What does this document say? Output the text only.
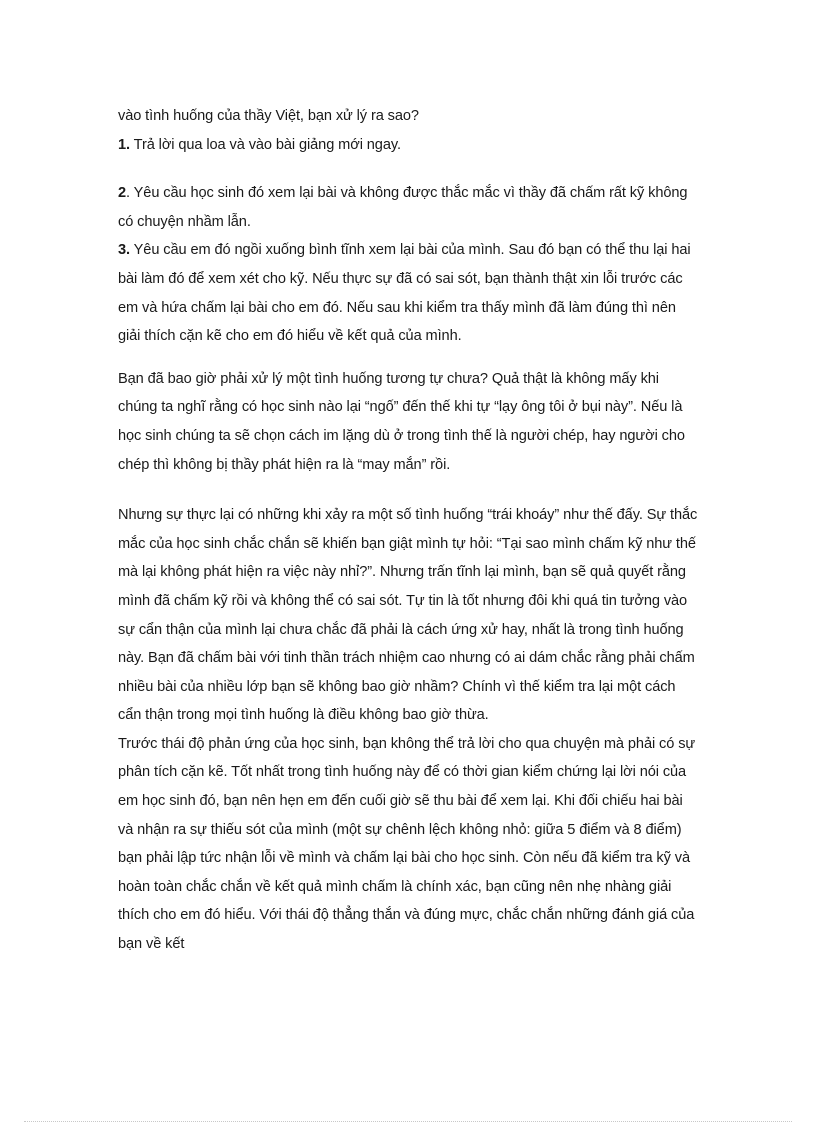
vào tình huống của thầy Việt, bạn xử lý ra sao?

1. Trả lời qua loa và vào bài giảng mới ngay.

2. Yêu cầu học sinh đó xem lại bài và không được thắc mắc vì thầy đã chấm rất kỹ không có chuyện nhầm lẫn.

3. Yêu cầu em đó ngồi xuống bình tĩnh xem lại bài của mình. Sau đó bạn có thể thu lại hai bài làm đó để xem xét cho kỹ. Nếu thực sự đã có sai sót, bạn thành thật xin lỗi trước các em và hứa chấm lại bài cho em đó. Nếu sau khi kiểm tra thấy mình đã làm đúng thì nên giải thích cặn kẽ cho em đó hiểu về kết quả của mình.

Bạn đã bao giờ phải xử lý một tình huống tương tự chưa? Quả thật là không mấy khi chúng ta nghĩ rằng có học sinh nào lại “ngố” đến thế khi tự “lạy ông tôi ở bụi này”. Nếu là học sinh chúng ta sẽ chọn cách im lặng dù ở trong tình thế là người chép, hay người cho chép thì không bị thầy phát hiện ra là “may mắn” rồi.

Nhưng sự thực lại có những khi xảy ra một số tình huống “trái khoáy” như thế đấy. Sự thắc mắc của học sinh chắc chắn sẽ khiến bạn giật mình tự hỏi: “Tại sao mình chấm kỹ như thế mà lại không phát hiện ra việc này nhỉ?”. Nhưng trấn tĩnh lại mình, bạn sẽ quả quyết rằng mình đã chấm kỹ rồi và không thể có sai sót. Tự tin là tốt nhưng đôi khi quá tin tưởng vào sự cẩn thận của mình lại chưa chắc đã phải là cách ứng xử hay, nhất là trong tình huống này. Bạn đã chấm bài với tinh thần trách nhiệm cao nhưng có ai dám chắc rằng phải chấm nhiều bài của nhiều lớp bạn sẽ không bao giờ nhầm? Chính vì thế kiểm tra lại một cách cẩn thận trong mọi tình huống là điều không bao giờ thừa.

Trước thái độ phản ứng của học sinh, bạn không thể trả lời cho qua chuyện mà phải có sự phân tích cặn kẽ. Tốt nhất trong tình huống này để có thời gian kiểm chứng lại lời nói của em học sinh đó, bạn nên hẹn em đến cuối giờ sẽ thu bài để xem lại. Khi đối chiếu hai bài và nhận ra sự thiếu sót của mình (một sự chênh lệch không nhỏ: giữa 5 điểm và 8 điểm) bạn phải lập tức nhận lỗi về mình và chấm lại bài cho học sinh. Còn nếu đã kiểm tra kỹ và hoàn toàn chắc chắn về kết quả mình chấm là chính xác, bạn cũng nên nhẹ nhàng giải thích cho em đó hiểu. Với thái độ thẳng thắn và đúng mực, chắc chắn những đánh giá của bạn về kết
